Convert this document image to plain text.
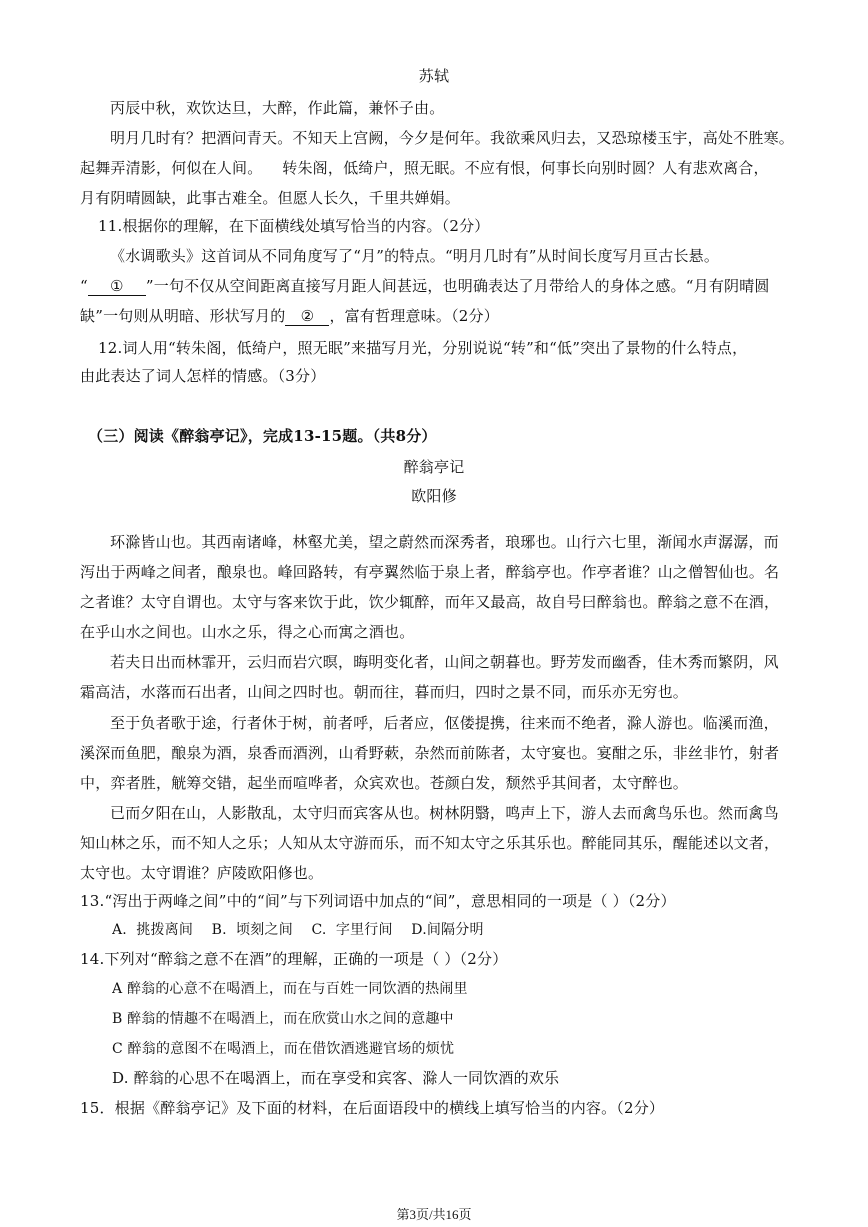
苏轼
丙辰中秋，欢饮达旦，大醉，作此篇，兼怀子由。
明月几时有？把酒问青天。不知天上宫阙，今夕是何年。我欲乘风归去，又恐琼楼玉宇，高处不胜寒。
起舞弄清影，何似在人间。    转朱阁，低绮户，照无眠。不应有恨，何事长向别时圆？人有悲欢离合，
月有阴晴圆缺，此事古难全。但愿人长久，千里共婵娟。
11.根据你的理解，在下面横线处填写恰当的内容。（2分）
《水调歌头》这首词从不同角度写了“月”的特点。“明月几时有”从时间长度写月亘古长悬。
“ ① ”一句不仅从空间距离直接写月距人间甚远，也明确表达了月带给人的身体之感。“月有阴晴圆
缺”一句则从明暗、形状写月的 ② ，富有哲理意味。（2分）
12.词人用“转朱阁，低绮户，照无眠”来描写月光，分别说说“转”和“低”突出了景物的什么特点，
由此表达了词人怎样的情感。（3分）
（三）阅读《醉翁亭记》，完成13-15题。（共8分）
醉翁亭记
欧阳修
环滁皆山也。其西南诸峰，林壑尤美，望之蔚然而深秀者，琅琊也。山行六七里，渐闻水声潺潺，而
泻出于两峰之间者，酿泉也。峰回路转，有亭翼然临于泉上者，醉翁亭也。作亭者谁？山之僧智仙也。名
之者谁？太守自谓也。太守与客来饮于此，饮少辄醉，而年又最高，故自号曰醉翁也。醉翁之意不在酒，
在乎山水之间也。山水之乐，得之心而寓之酒也。
若夫日出而林霏开，云归而岩穴暝，晦明变化者，山间之朝暮也。野芳发而幽香，佳木秀而繁阴，风
霜高洁，水落而石出者，山间之四时也。朝而往，暮而归，四时之景不同，而乐亦无穷也。
至于负者歌于途，行者休于树，前者呼，后者应，伛偻提携，往来而不绝者，滁人游也。临溪而渔，
溪深而鱼肥，酿泉为酒，泉香而酒洌，山肴野蔌，杂然而前陈者，太守宴也。宴酣之乐，非丝非竹，射者
中，弈者胜，觥筹交错，起坐而喧哗者，众宾欢也。苍颜白发，颓然乎其间者，太守醉也。
已而夕阳在山，人影散乱，太守归而宾客从也。树林阴翳，鸣声上下，游人去而禽鸟乐也。然而禽鸟
知山林之乐，而不知人之乐；人知从太守游而乐，而不知太守之乐其乐也。醉能同其乐，醒能述以文者，
太守也。太守谓谁？庐陵欧阳修也。
13.“泻出于两峰之间”中的“间”与下列词语中加点的“间”，意思相同的一项是（ ）（2分）
A.  挑拨离间    B.  顷刻之间    C.  字里行间    D.间隔分明
14.下列对“醉翁之意不在酒”的理解，正确的一项是（ ）（2分）
A 醉翁的心意不在喝酒上，而在与百姓一同饮酒的热闹里
B 醉翁的情趣不在喝酒上，而在欣赏山水之间的意趣中
C 醉翁的意图不在喝酒上，而在借饮酒逃避官场的烦忧
D. 醉翁的心思不在喝酒上，而在享受和宾客、滁人一同饮酒的欢乐
15．根据《醉翁亭记》及下面的材料，在后面语段中的横线上填写恰当的内容。（2分）
第3页/共16页
